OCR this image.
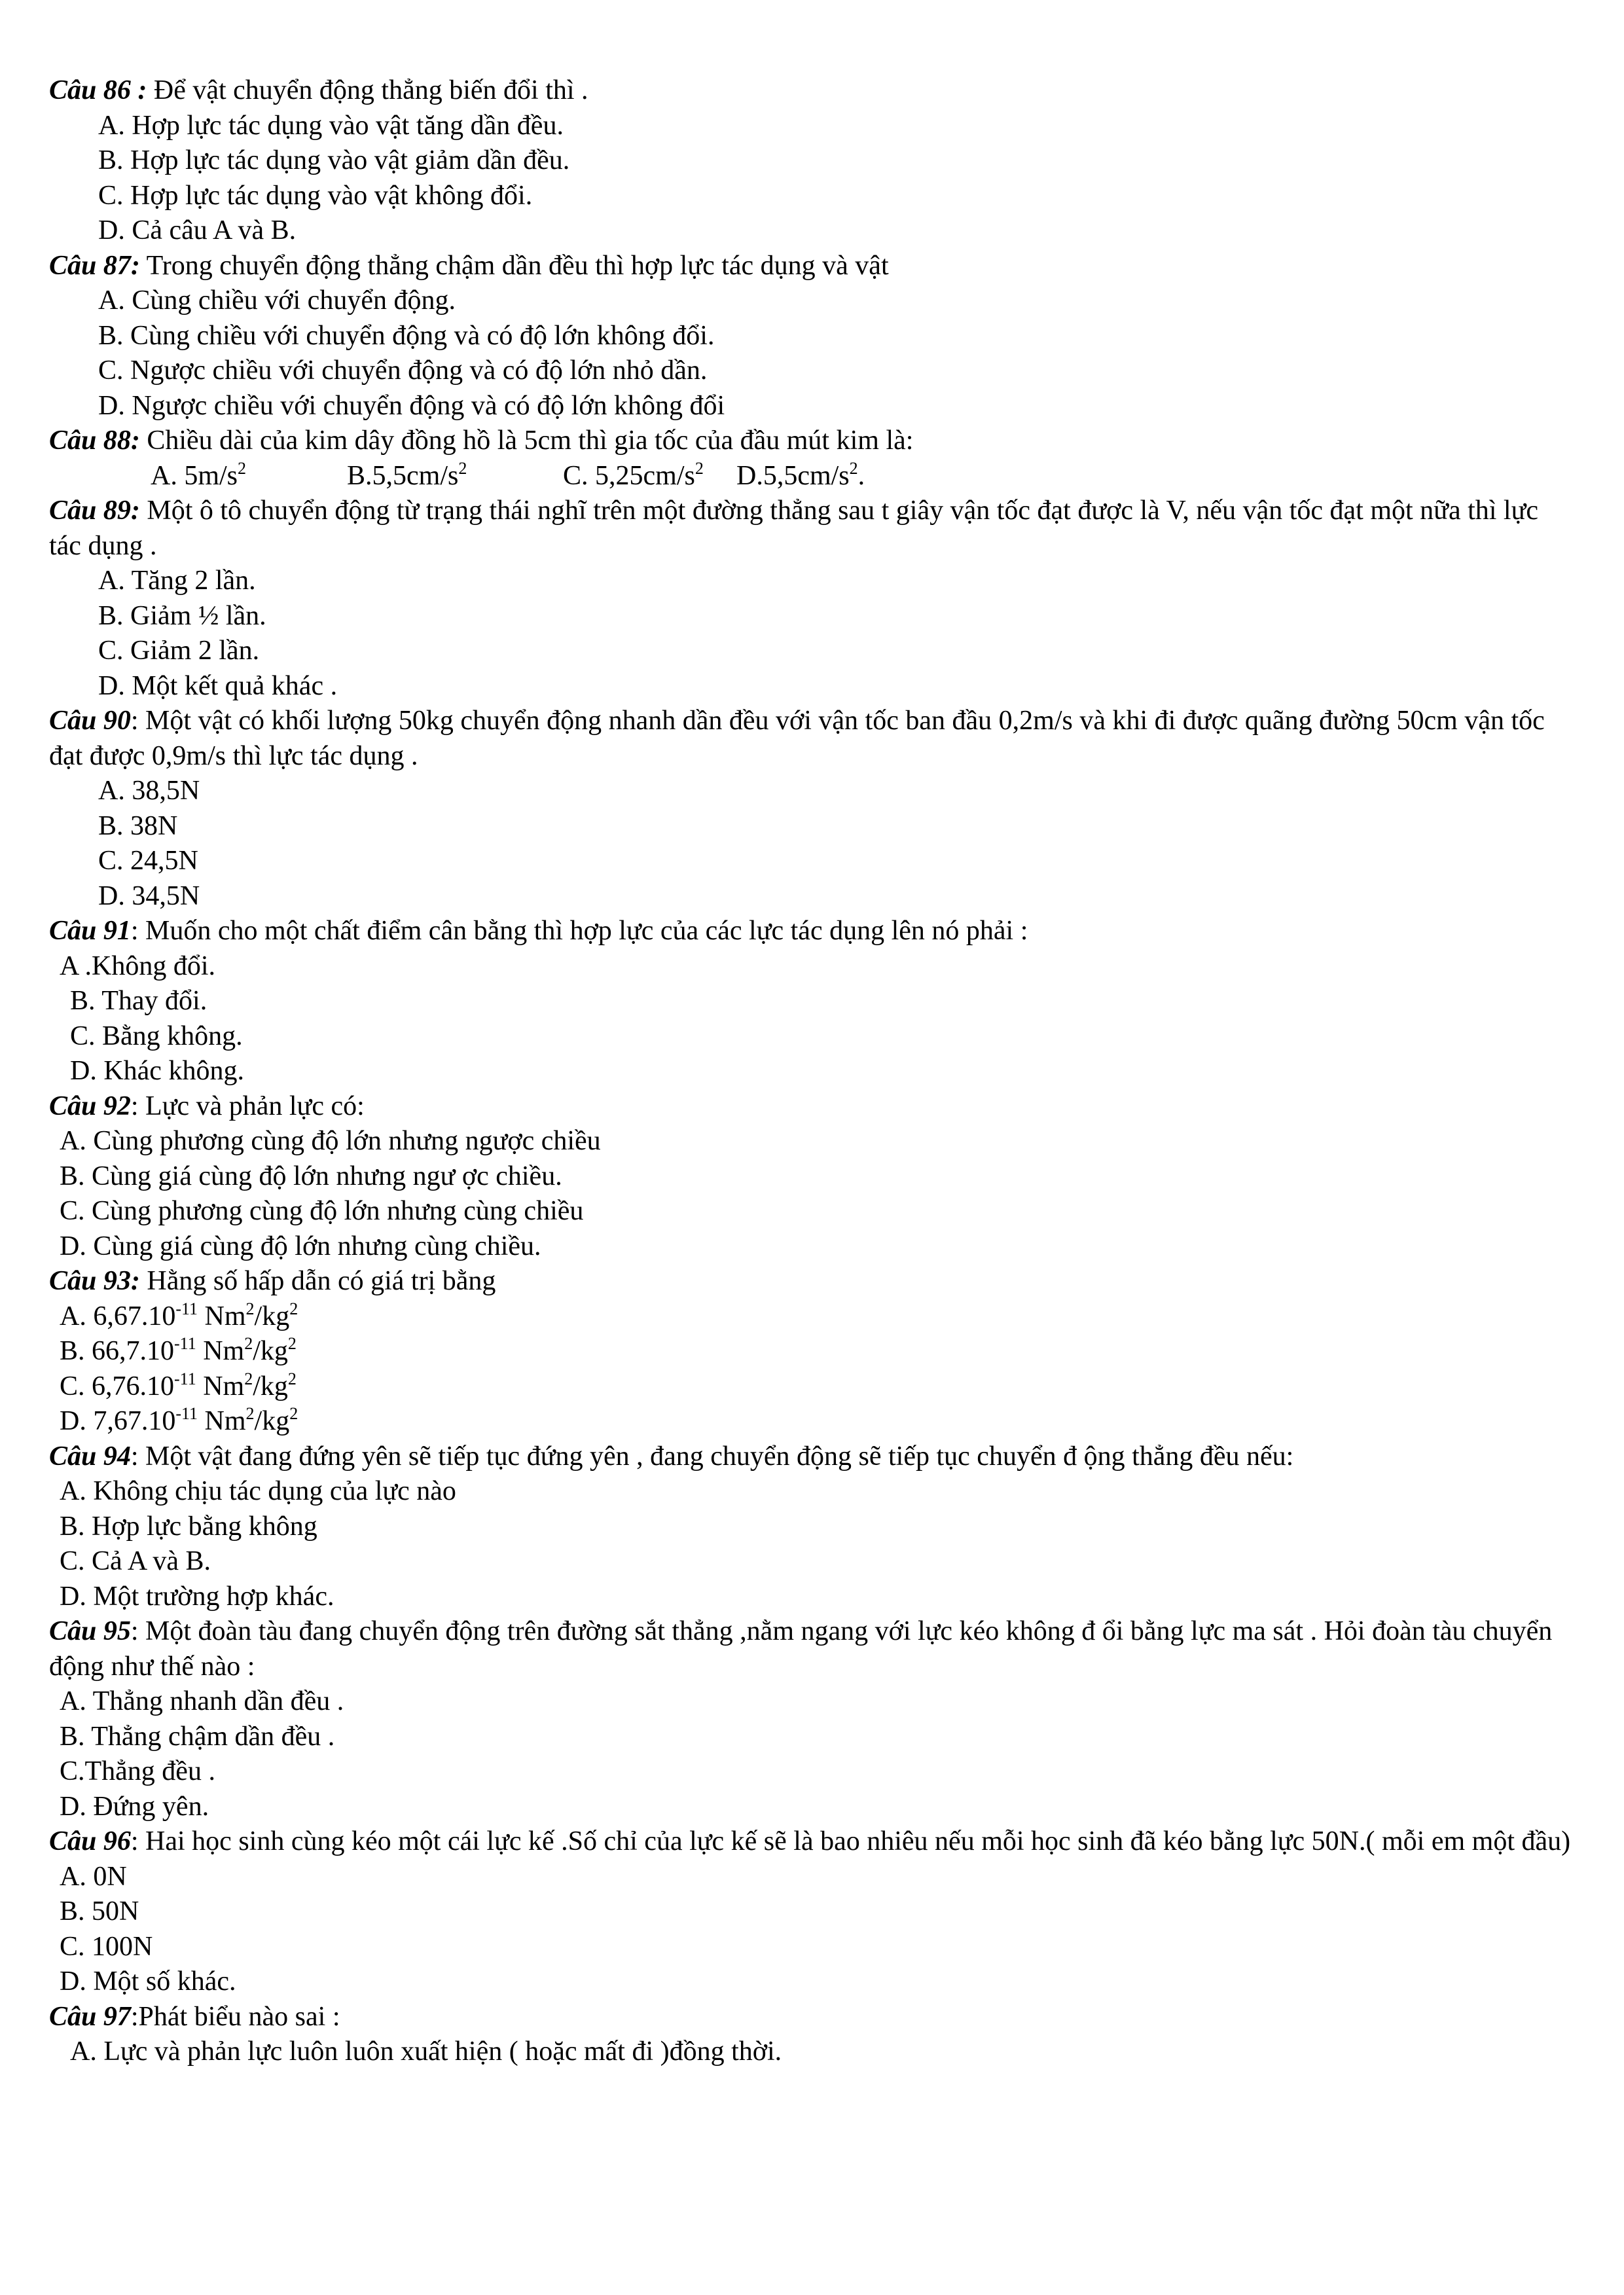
Câu 86 : Để vật chuyển động thẳng biến đổi thì .
A. Hợp lực tác dụng vào vật tăng dần đều.
B. Hợp lực tác dụng vào vật giảm dần đều.
C. Hợp lực tác dụng vào vật không đổi.
D. Cả câu A và B.
Câu 87: Trong chuyển động thẳng chậm dần đều thì hợp lực tác dụng và vật
A. Cùng chiều với chuyển động.
B. Cùng chiều với chuyển động và có độ lớn không đổi.
C. Ngược chiều với chuyển động và có độ lớn nhỏ dần.
D. Ngược chiều với chuyển động và có độ lớn không đổi
Câu 88: Chiều dài của kim dây đồng hồ là 5cm thì gia tốc của đầu mút kim là:
A. $5m/s^2$	$B.5,5cm/s^2$	C. $5,25cm/s^2$ $D.5,5cm/s^2$.
Câu 89: Một ô tô chuyển động từ trạng thái nghĩ trên một đường thẳng sau t giây vận tốc đạt được là V, nếu vận tốc đạt một nữa thì lực tác dụng .
A. Tăng 2 lần.
B. Giảm ½ lần.
C. Giảm 2 lần.
D. Một kết quả khác .
Câu 90: Một vật có khối lượng 50kg chuyển động nhanh dần đều với vận tốc ban đầu 0,2m/s và khi đi được quãng đường 50cm vận tốc đạt được 0,9m/s thì lực tác dụng .
A. 38,5N
B. 38N
C. 24,5N
D. 34,5N
Câu 91: Muốn cho một chất điểm cân bằng thì hợp lực của các lực tác dụng lên nó phải :
A .Không đổi.
B. Thay đổi.
C. Bằng không.
D. Khác không.
Câu 92: Lực và phản lực có:
A. Cùng phương cùng độ lớn nhưng ngược chiều
B. Cùng giá cùng độ lớn nhưng ngư ợc chiều.
C. Cùng phương cùng độ lớn nhưng cùng chiều
D. Cùng giá cùng độ lớn nhưng cùng chiều.
Câu 93: Hằng số hấp dẫn có giá trị bằng
A. $6,67.10^{-11}$ $Nm^2/kg^2$
B. $66,7.10^{-11}$ $Nm^2/kg^2$
C. $6,76.10^{-11}$ $Nm^2/kg^2$
D. $7,67.10^{-11}$ $Nm^2/kg^2$
Câu 94: Một vật đang đứng yên sẽ tiếp tục đứng yên , đang chuyển động sẽ tiếp tục chuyển đ ộng thẳng đều nếu:
A. Không chịu tác dụng của lực nào
B. Hợp lực bằng không
C. Cả A và B.
D. Một trường hợp khác.
Câu 95: Một đoàn tàu đang chuyển động trên đường sắt thẳng ,nằm ngang với lực kéo không đ ổi bằng lực ma sát . Hỏi đoàn tàu chuyển động như thế nào :
A. Thẳng nhanh dần đều .
B. Thẳng chậm dần đều .
C.Thẳng đều .
D. Đứng yên.
Câu 96: Hai học sinh cùng kéo một cái lực kế .Số chỉ của lực kế sẽ là bao nhiêu nếu mỗi học sinh đã kéo bằng lực 50N.( mỗi em một đầu)
A. 0N
B. 50N
C. 100N
D. Một số khác.
Câu 97:Phát biểu nào sai :
A. Lực và phản lực luôn luôn xuất hiện ( hoặc mất đi )đồng thời.
